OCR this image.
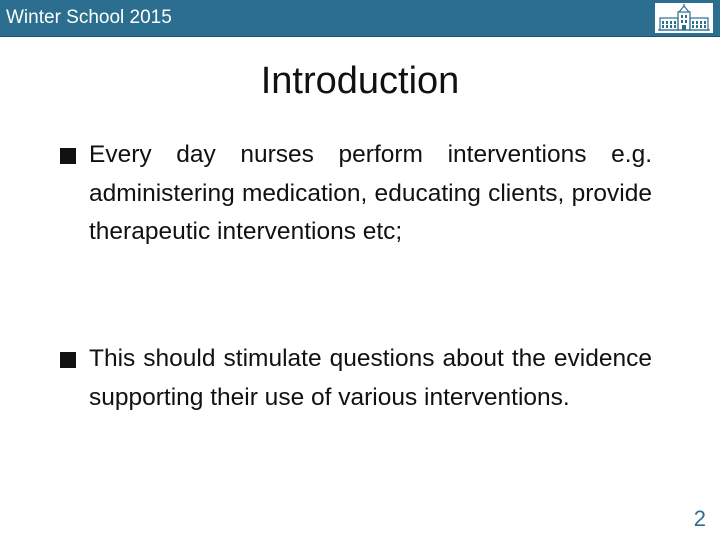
Winter School 2015
Introduction
Every day nurses perform interventions e.g. administering medication, educating clients, provide therapeutic interventions etc;
This should stimulate questions about the evidence supporting their use of various interventions.
2
